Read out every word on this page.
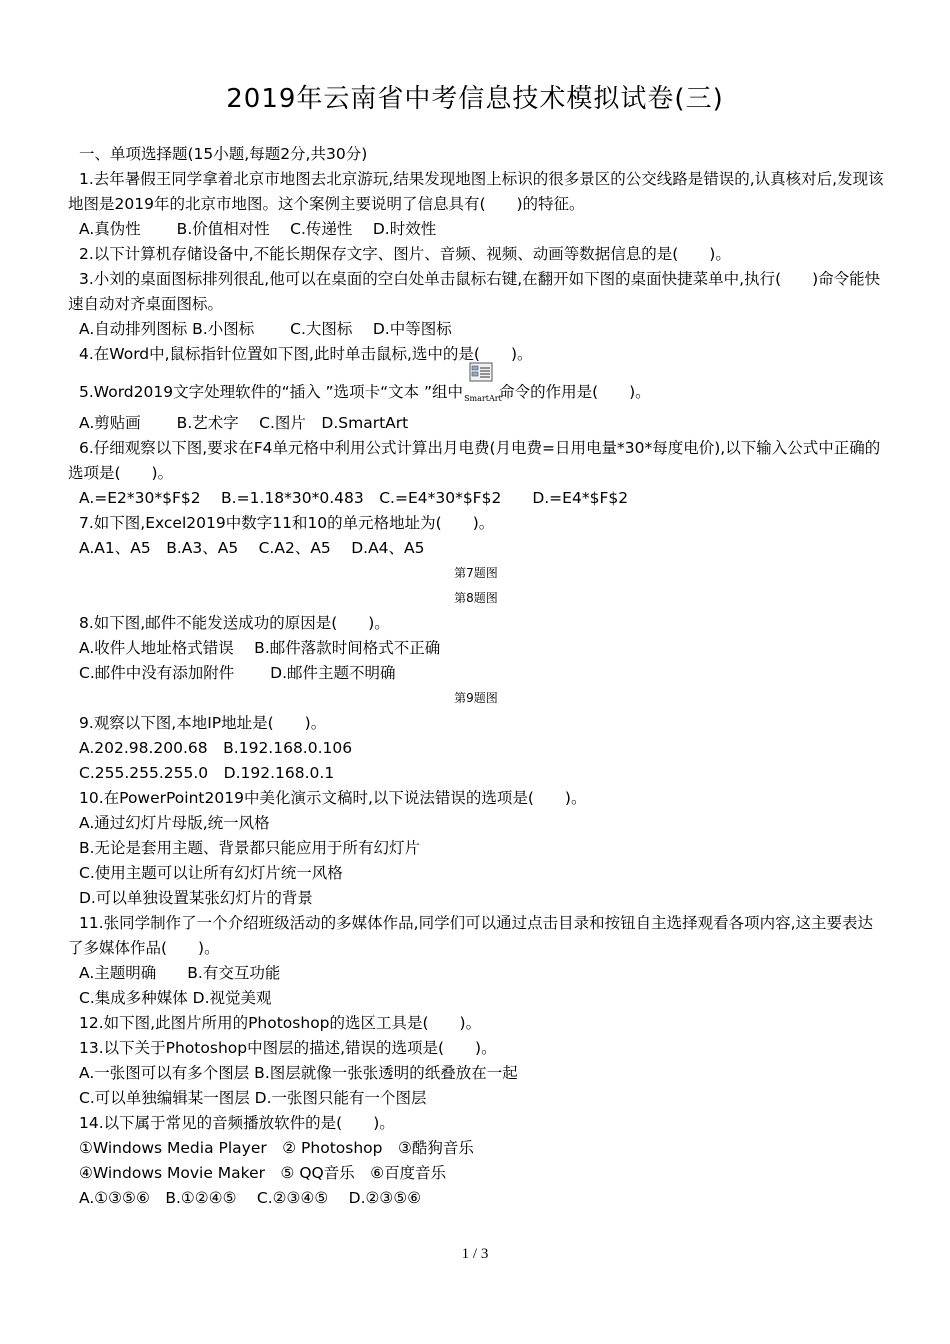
2019年云南省中考信息技术模拟试卷(三)

一、单项选择题(15小题,每题2分,共30分)

1.去年暑假王同学拿着北京市地图去北京游玩,结果发现地图上标识的很多景区的公交线路是错误的,认真核对后,发现该地图是2019年的北京市地图。这个案例主要说明了信息具有(　　)的特征。

A.真伪性　　 B.价值相对性　 C.传递性　 D.时效性

2.以下计算机存储设备中,不能长期保存文字、图片、音频、视频、动画等数据信息的是(　　)。

3.小刘的桌面图标排列很乱,他可以在桌面的空白处单击鼠标右键,在翻开如下图的桌面快捷菜单中,执行(　　)命令能快速自动对齐桌面图标。

A.自动排列图标 B.小图标　　 C.大图标　 D.中等图标

4.在Word中,鼠标指针位置如下图,此时单击鼠标,选中的是(　　)。

5.Word2019文字处理软件的“插入 ”选项卡“文本 ”组中 SmartArt
命令的作用是(　　)。

A.剪贴画　　 B.艺术字　 C.图片　D.SmartArt

6.仔细观察以下图,要求在F4单元格中利用公式计算出月电费(月电费=日用电量*30*每度电价),以下输入公式中正确的选项是(　　)。

A.=E2*30*$F$2　 B.=1.18*30*0.483　C.=E4*30*$F$2　　D.=E4*$F$2

7.如下图,Excel2019中数字11和10的单元格地址为(　　)。

A.A1、A5　B.A3、A5　 C.A2、A5　 D.A4、A5

第7题图

第8题图

8.如下图,邮件不能发送成功的原因是(　　)。

A.收件人地址格式错误　 B.邮件落款时间格式不正确

C.邮件中没有添加附件　　 D.邮件主题不明确

第9题图

9.观察以下图,本地IP地址是(　　)。

A.202.98.200.68　B.192.168.0.106

C.255.255.255.0　D.192.168.0.1

10.在PowerPoint2019中美化演示文稿时,以下说法错误的选项是(　　)。

A.通过幻灯片母版,统一风格

B.无论是套用主题、背景都只能应用于所有幻灯片

C.使用主题可以让所有幻灯片统一风格

D.可以单独设置某张幻灯片的背景

11.张同学制作了一个介绍班级活动的多媒体作品,同学们可以通过点击目录和按钮自主选择观看各项内容,这主要表达了多媒体作品(　　)。

A.主题明确　　B.有交互功能

C.集成多种媒体 D.视觉美观

12.如下图,此图片所用的Photoshop的选区工具是(　　)。

13.以下关于Photoshop中图层的描述,错误的选项是(　　)。

A.一张图可以有多个图层 B.图层就像一张张透明的纸叠放在一起

C.可以单独编辑某一图层 D.一张图只能有一个图层

14.以下属于常见的音频播放软件的是(　　)。

①Windows Media Player　② Photoshop　③酷狗音乐

④Windows Movie Maker　⑤ QQ音乐　⑥百度音乐

A.①③⑤⑥　B.①②④⑤　 C.②③④⑤　 D.②③⑤⑥

1 / 3
